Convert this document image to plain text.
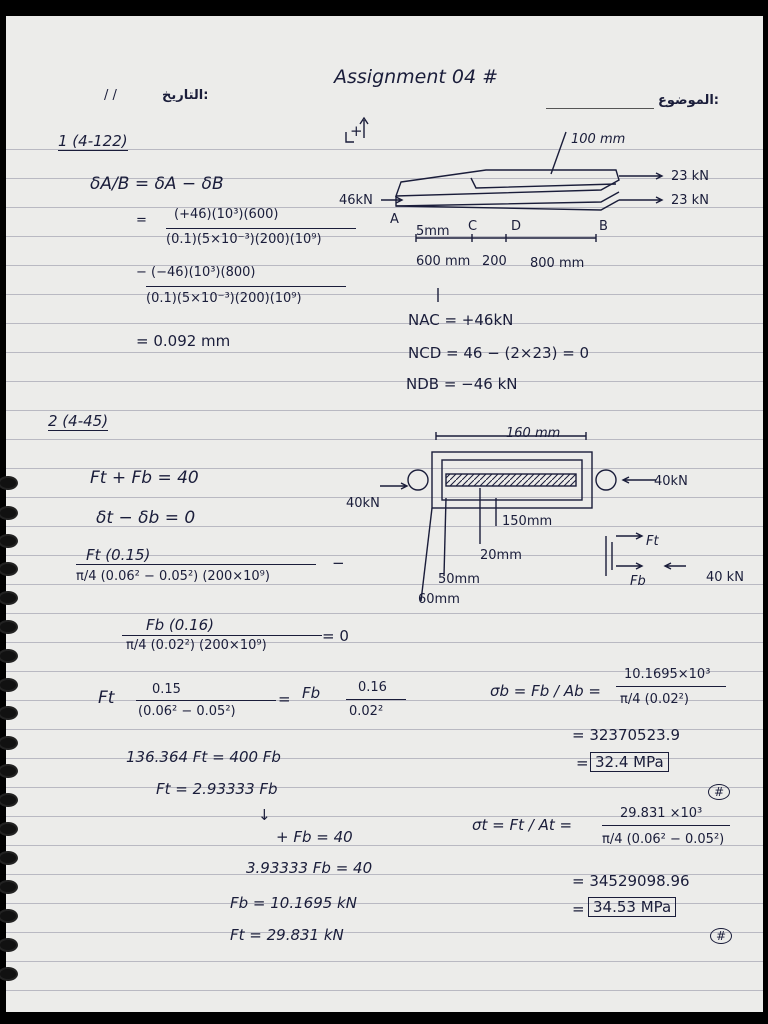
Assignment 04 #
التاريخ:
/ /	الموضوع:
1 (4-122)
+
δA/B = δA − δB
= (+46)(10³)(600)
(0.1)(5×10⁻³)(200)(10⁹)
− (−46)(10³)(800)
(0.1)(5×10⁻³)(200)(10⁹)
= 0.092 mm
100 mm
46kN
23 kN
23 kN
A	C	D	B
5mm
600 mm 200 800 mm
NAC = +46kN
NCD = 46 − (2×23) = 0
NDB = −46 kN
2 (4-45)
Ft + Fb = 40
δt − δb = 0
Ft (0.15)
π/4 (0.06² − 0.05²) (200×10⁹)
−
Fb (0.16)
π/4 (0.02²) (200×10⁹)
= 0
Ft	0.15
(0.06² − 0.05²)
= Fb	0.16
0.02²
136.364 Ft = 400 Fb
Ft = 2.93333 Fb
↓
+ Fb = 40
3.93333 Fb = 40
Fb = 10.1695 kN
Ft = 29.831 kN
160 mm
40kN
40kN
150mm
20mm
50mm
60mm
Ft
Fb	40 kN
σb = Fb / Ab =
10.1695×10³
π/4 (0.02²)
= 32370523.9
= 32.4 MPa
#
σt = Ft / At =
29.831 ×10³
π/4 (0.06² − 0.05²)
= 34529098.96
= 34.53 MPa
#
